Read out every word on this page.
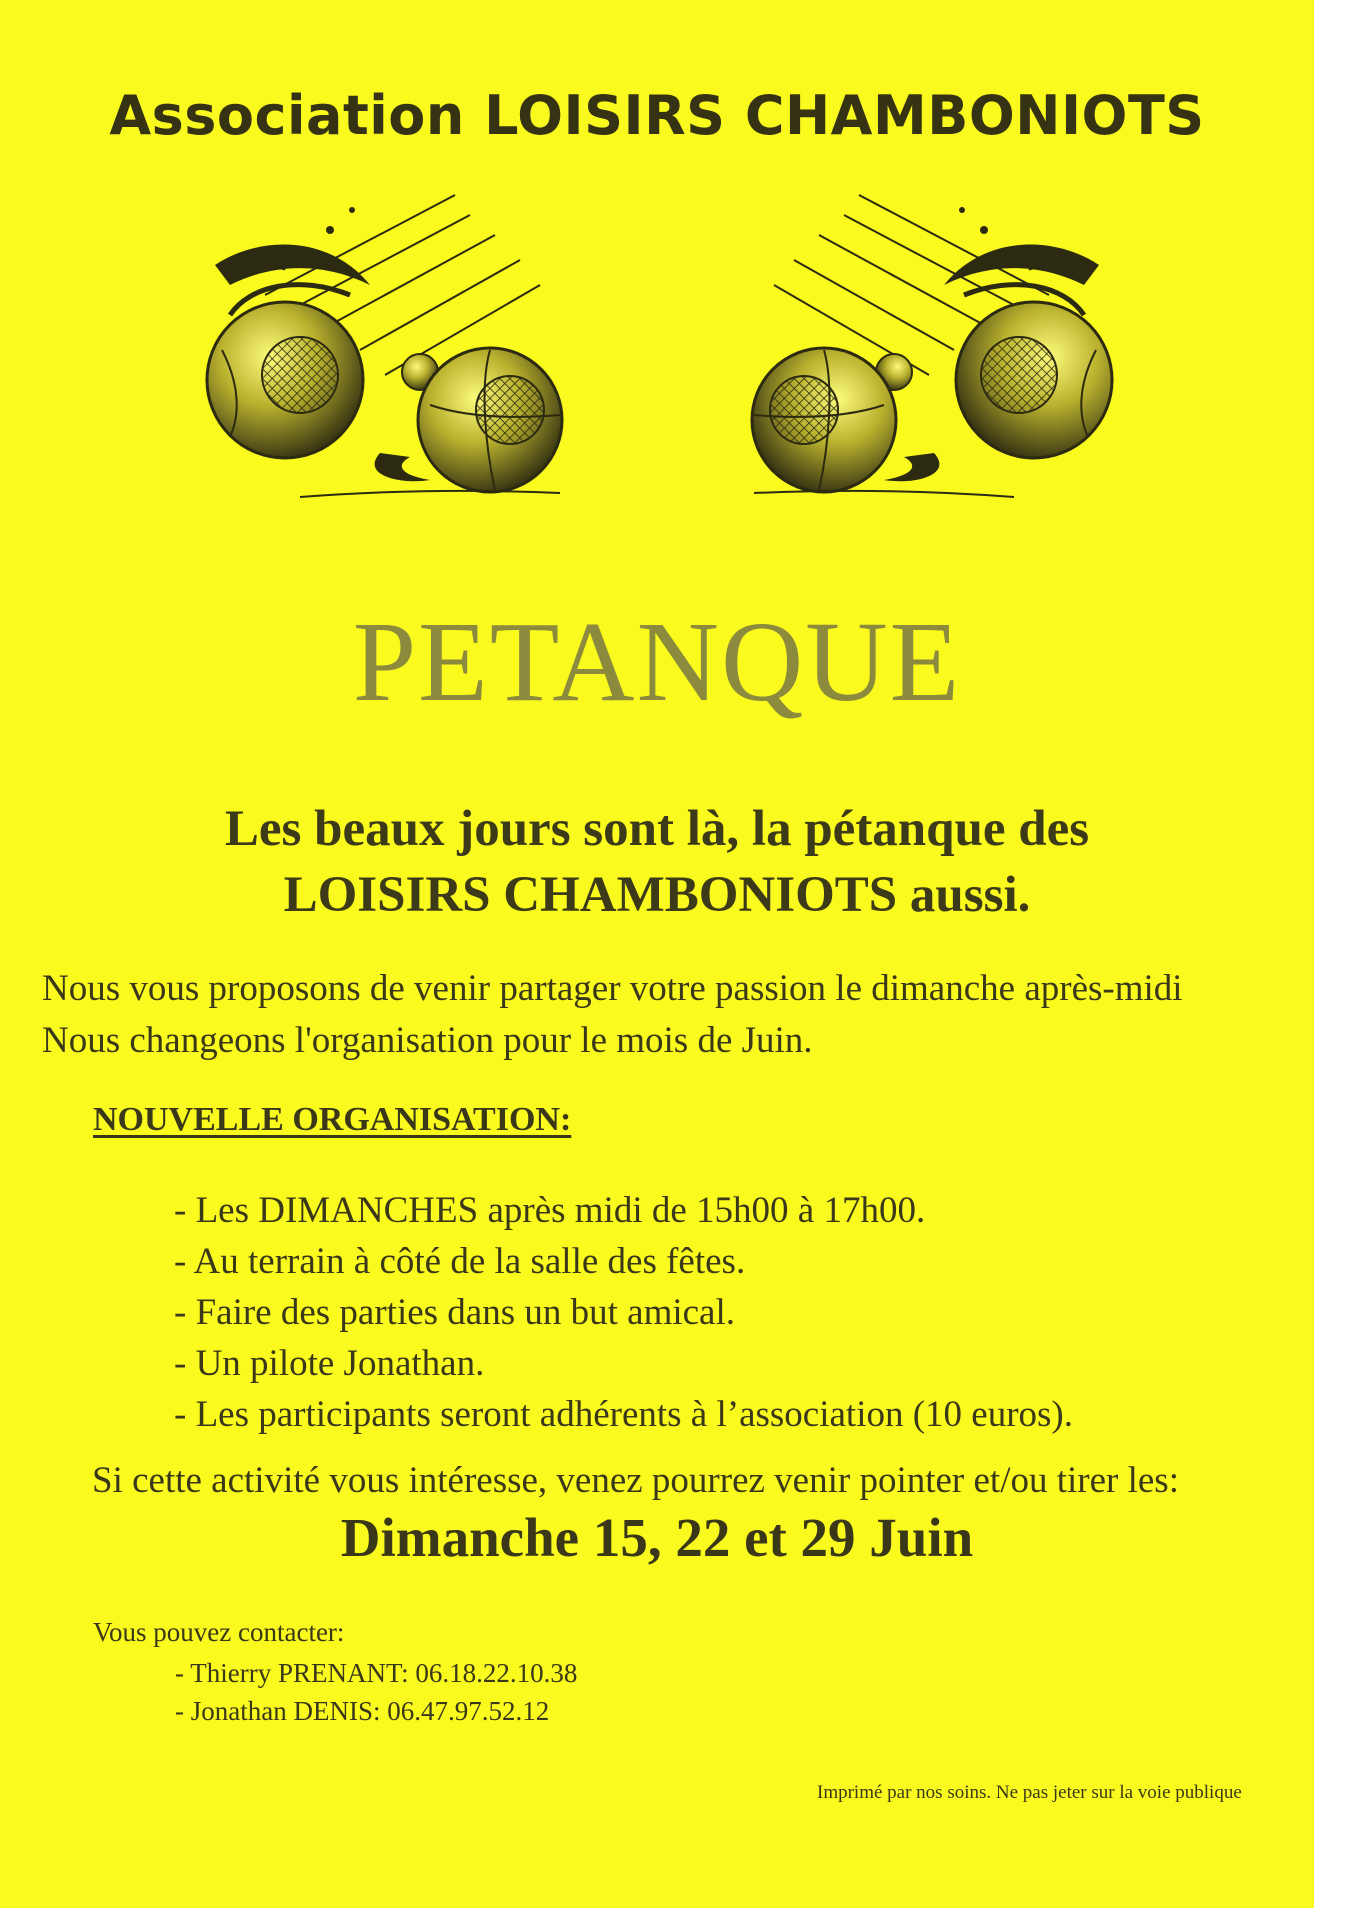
Association LOISIRS CHAMBONIOTS
PETANQUE
Les beaux jours sont là, la pétanque des
LOISIRS CHAMBONIOTS aussi.
Nous vous proposons de venir partager votre passion le dimanche après-midi
Nous changeons l'organisation pour le mois de Juin.
NOUVELLE ORGANISATION:
- Les DIMANCHES après midi de 15h00 à 17h00.
- Au terrain à côté de la salle des fêtes.
- Faire des parties dans un but amical.
- Un pilote Jonathan.
- Les participants seront adhérents à l’association (10 euros).
Si cette activité vous intéresse, venez pourrez venir pointer et/ou tirer les:
Dimanche 15, 22 et 29 Juin
Vous pouvez contacter:
- Thierry PRENANT: 06.18.22.10.38
- Jonathan DENIS: 06.47.97.52.12
Imprimé par nos soins. Ne pas jeter sur la voie publique
